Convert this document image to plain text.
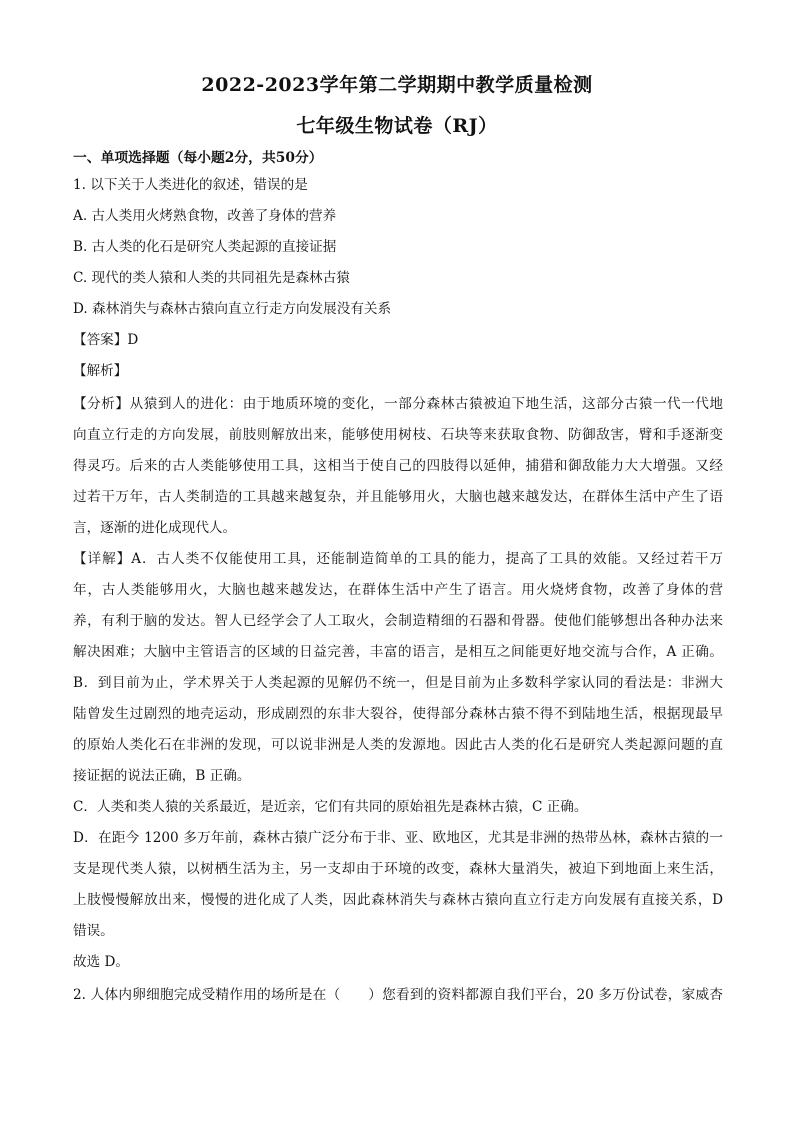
2022-2023学年第二学期期中教学质量检测
七年级生物试卷（RJ）
一、单项选择题（每小题2分，共50分）
1. 以下关于人类进化的叙述，错误的是
A. 古人类用火烤熟食物，改善了身体的营养
B. 古人类的化石是研究人类起源的直接证据
C. 现代的类人猿和人类的共同祖先是森林古猿
D. 森林消失与森林古猿向直立行走方向发展没有关系
【答案】D
【解析】
【分析】从猿到人的进化：由于地质环境的变化，一部分森林古猿被迫下地生活，这部分古猿一代一代地
向直立行走的方向发展，前肢则解放出来，能够使用树枝、石块等来获取食物、防御敌害，臂和手逐渐变
得灵巧。后来的古人类能够使用工具，这相当于使自己的四肢得以延伸，捕猎和御敌能力大大增强。又经
过若干万年，古人类制造的工具越来越复杂，并且能够用火，大脑也越来越发达，在群体生活中产生了语
言，逐渐的进化成现代人。
【详解】A．古人类不仅能使用工具，还能制造简单的工具的能力，提高了工具的效能。又经过若干万
年，古人类能够用火，大脑也越来越发达，在群体生活中产生了语言。用火烧烤食物，改善了身体的营
养，有利于脑的发达。智人已经学会了人工取火，会制造精细的石器和骨器。使他们能够想出各种办法来
解决困难；大脑中主管语言的区域的日益完善，丰富的语言，是相互之间能更好地交流与合作，A 正确。
B．到目前为止，学术界关于人类起源的见解仍不统一，但是目前为止多数科学家认同的看法是：非洲大
陆曾发生过剧烈的地壳运动，形成剧烈的东非大裂谷，使得部分森林古猿不得不到陆地生活，根据现最早
的原始人类化石在非洲的发现，可以说非洲是人类的发源地。因此古人类的化石是研究人类起源问题的直
接证据的说法正确，B 正确。
C．人类和类人猿的关系最近，是近亲，它们有共同的原始祖先是森林古猿，C 正确。
D．在距今 1200 多万年前，森林古猿广泛分布于非、亚、欧地区，尤其是非洲的热带丛林，森林古猿的一
支是现代类人猿，以树栖生活为主，另一支却由于环境的改变，森林大量消失，被迫下到地面上来生活，
上肢慢慢解放出来，慢慢的进化成了人类，因此森林消失与森林古猿向直立行走方向发展有直接关系，D
错误。
故选 D。
2. 人体内卵细胞完成受精作用的场所是在（　　）您看到的资料都源自我们平台，20 多万份试卷，家威杏
